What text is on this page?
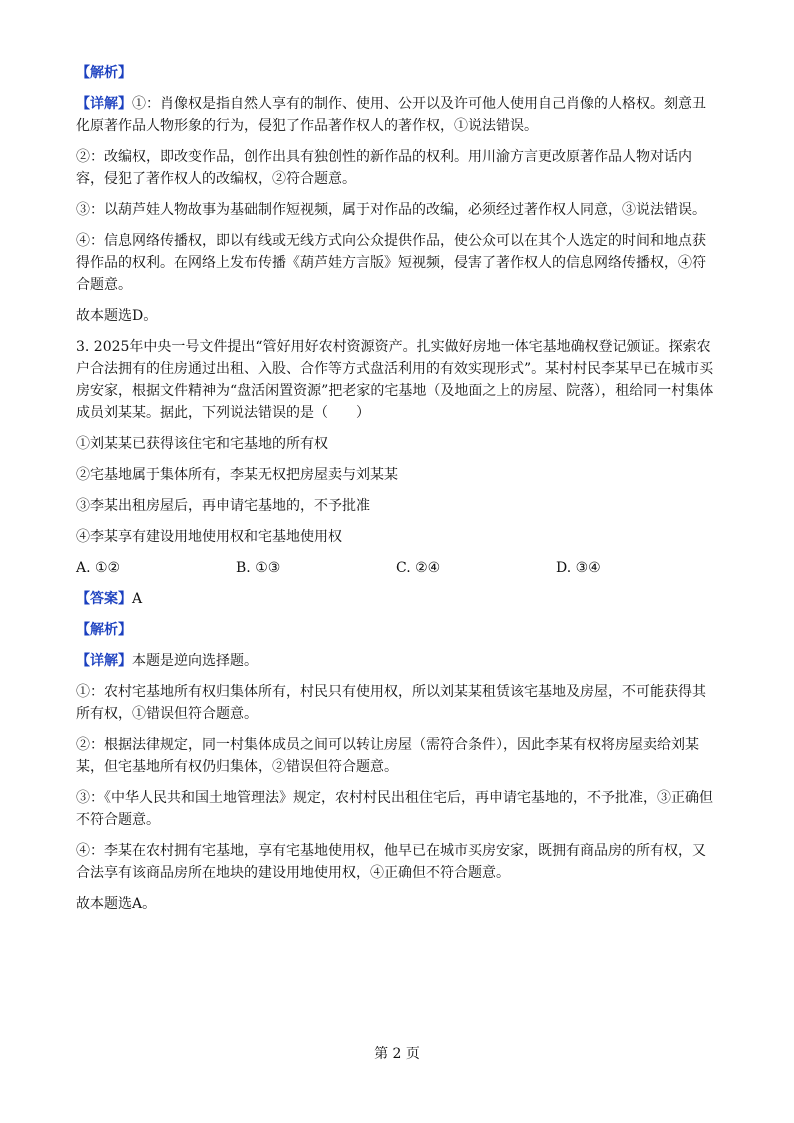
【解析】

【详解】①：肖像权是指自然人享有的制作、使用、公开以及许可他人使用自己肖像的人格权。刻意丑化原著作品人物形象的行为，侵犯了作品著作权人的著作权，①说法错误。

②：改编权，即改变作品，创作出具有独创性的新作品的权利。用川渝方言更改原著作品人物对话内容，侵犯了著作权人的改编权，②符合题意。

③：以葫芦娃人物故事为基础制作短视频，属于对作品的改编，必须经过著作权人同意，③说法错误。

④：信息网络传播权，即以有线或无线方式向公众提供作品，使公众可以在其个人选定的时间和地点获得作品的权利。在网络上发布传播《葫芦娃方言版》短视频，侵害了著作权人的信息网络传播权，④符合题意。

故本题选D。

3. 2025年中央一号文件提出“管好用好农村资源资产。扎实做好房地一体宅基地确权登记颁证。探索农户合法拥有的住房通过出租、入股、合作等方式盘活利用的有效实现形式”。某村村民李某早已在城市买房安家，根据文件精神为“盘活闲置资源”把老家的宅基地（及地面之上的房屋、院落），租给同一村集体成员刘某某。据此，下列说法错误的是（　　）

①刘某某已获得该住宅和宅基地的所有权

②宅基地属于集体所有，李某无权把房屋卖与刘某某

③李某出租房屋后，再申请宅基地的，不予批准

④李某享有建设用地使用权和宅基地使用权

A. ①②	B. ①③	C. ②④	D. ③④

【答案】A

【解析】

【详解】本题是逆向选择题。

①：农村宅基地所有权归集体所有，村民只有使用权，所以刘某某租赁该宅基地及房屋，不可能获得其所有权，①错误但符合题意。

②：根据法律规定，同一村集体成员之间可以转让房屋（需符合条件），因此李某有权将房屋卖给刘某某，但宅基地所有权仍归集体，②错误但符合题意。

③：《中华人民共和国土地管理法》规定，农村村民出租住宅后，再申请宅基地的，不予批准，③正确但不符合题意。

④：李某在农村拥有宅基地，享有宅基地使用权，他早已在城市买房安家，既拥有商品房的所有权，又合法享有该商品房所在地块的建设用地使用权，④正确但不符合题意。

故本题选A。

第 2 页
